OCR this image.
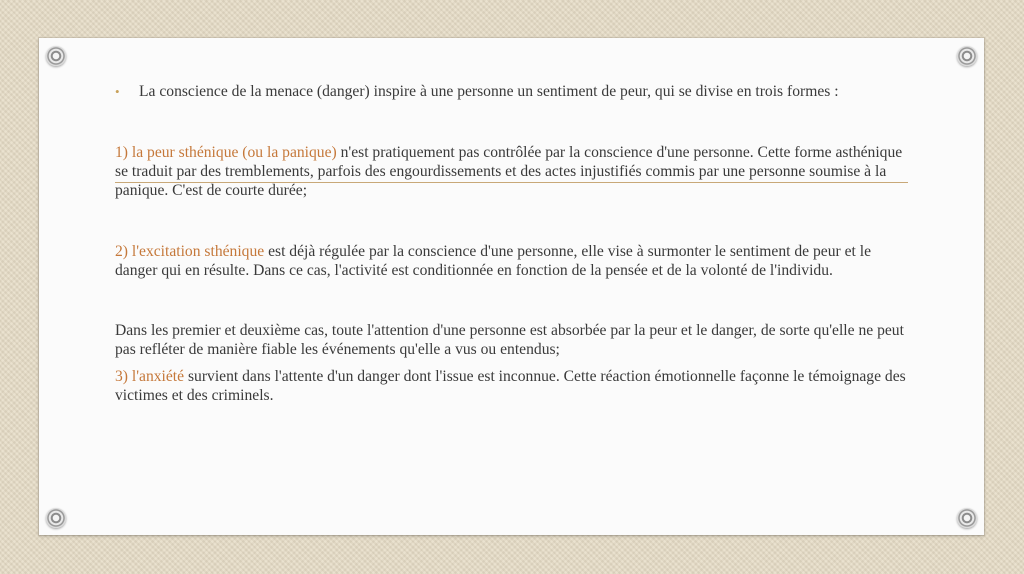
• La conscience de la menace (danger) inspire à une personne un sentiment de peur, qui se divise en trois formes :

1) la peur sthénique (ou la panique) n'est pratiquement pas contrôlée par la conscience d'une personne. Cette forme asthénique se traduit par des tremblements, parfois des engourdissements et des actes injustifiés commis par une personne soumise à la panique. C'est de courte durée;

2) l'excitation sthénique est déjà régulée par la conscience d'une personne, elle vise à surmonter le sentiment de peur et le danger qui en résulte. Dans ce cas, l'activité est conditionnée en fonction de la pensée et de la volonté de l'individu.

Dans les premier et deuxième cas, toute l'attention d'une personne est absorbée par la peur et le danger, de sorte qu'elle ne peut pas refléter de manière fiable les événements qu'elle a vus ou entendus;

3) l'anxiété survient dans l'attente d'un danger dont l'issue est inconnue. Cette réaction émotionnelle façonne le témoignage des victimes et des criminels.
